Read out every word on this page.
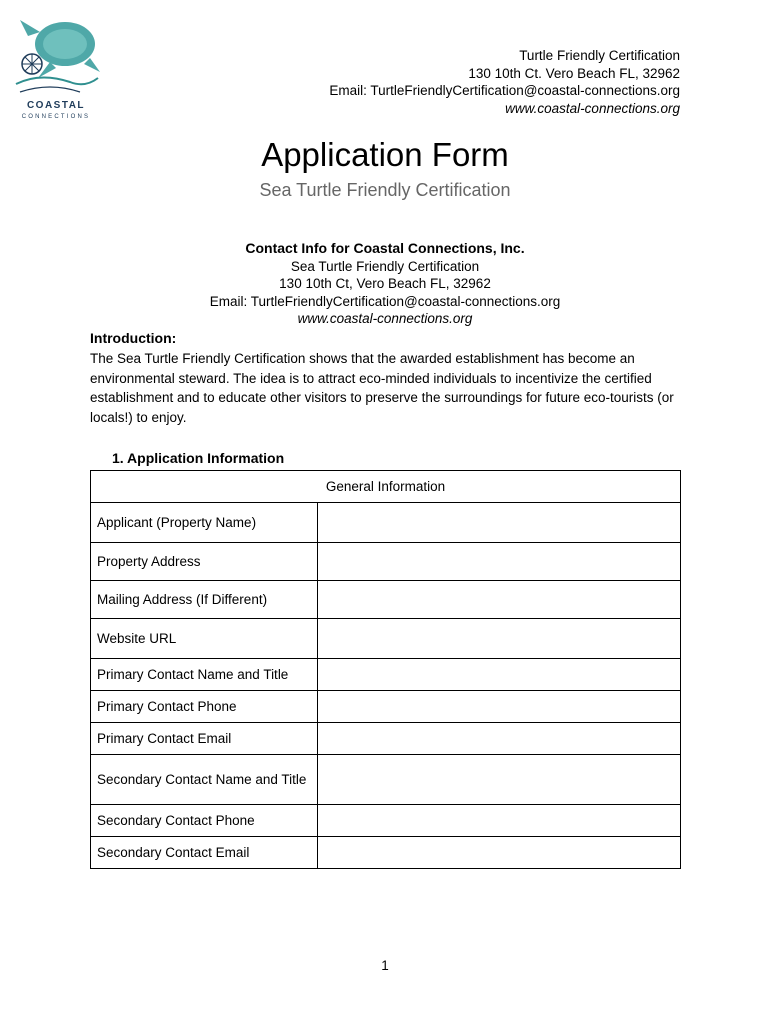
COASTAL
CONNECTIONS
Turtle Friendly Certification
130 10th Ct. Vero Beach FL, 32962
Email: TurtleFriendlyCertification@coastal-connections.org
www.coastal-connections.org
Application Form
Sea Turtle Friendly Certification
Contact Info for Coastal Connections, Inc.
Sea Turtle Friendly Certification
130 10th Ct, Vero Beach FL, 32962
Email: TurtleFriendlyCertification@coastal-connections.org
www.coastal-connections.org
Introduction:
The Sea Turtle Friendly Certification shows that the awarded establishment has become an environmental steward. The idea is to attract eco-minded individuals to incentivize the certified establishment and to educate other visitors to preserve the surroundings for future eco-tourists (or locals!) to enjoy.
1. Application Information
General Information	
Applicant (Property Name)	
Property Address	
Mailing Address (If Different)	
Website URL	
Primary Contact Name and Title	
Primary Contact Phone	
Primary Contact Email	
Secondary Contact Name and Title	
Secondary Contact Phone	
Secondary Contact Email	
1
